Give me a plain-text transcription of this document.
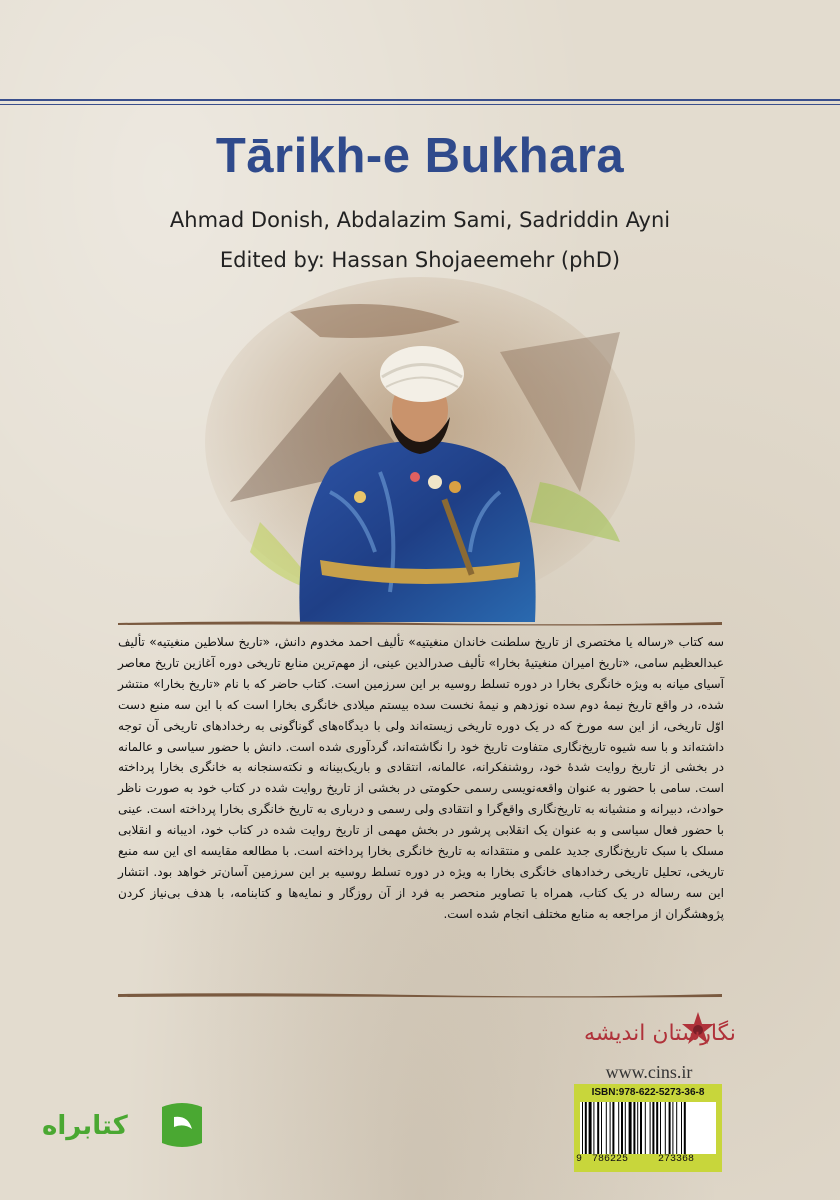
Tārikh-e Bukhara
Ahmad Donish, Abdalazim Sami, Sadriddin Ayni
Edited by: Hassan Shojaeemehr (phD)
سه کتاب «رساله یا مختصری از تاریخ سلطنت خاندان منغیتیه» تألیف احمد مخدوم دانش، «تاریخ سلاطین منغیتیه» تألیف عبدالعظیم سامی، «تاریخ امیران منغیتیهٔ بخارا» تألیف صدرالدین عینی، از مهم‌ترین منابع تاریخی دوره آغازین تاریخ معاصر آسیای میانه به ویژه خانگری بخارا در دوره تسلط روسیه بر این سرزمین است. کتاب حاضر که با نام «تاریخ بخارا» منتشر شده، در واقع تاریخ نیمهٔ دوم سده نوزدهم و نیمهٔ نخست سده بیستم میلادی خانگری بخارا است که با این سه منبع دست اوّل تاریخی، از این سه مورخ که در یک دوره تاریخی زیسته‌اند ولی با دیدگاه‌های گوناگونی به رخدادهای تاریخی آن توجه داشته‌اند و با سه شیوه تاریخ‌نگاری متفاوت تاریخ خود را نگاشته‌اند، گردآوری شده است. دانش با حضور سیاسی و عالمانه در بخشی از تاریخ روایت شدهٔ خود، روشنفکرانه، عالمانه، انتقادی و باریک‌بینانه و نکته‌سنجانه به خانگری بخارا پرداخته است. سامی با حضور به عنوان واقعه‌نویسی رسمی حکومتی در بخشی از تاریخ روایت شده در کتاب خود به صورت ناظر حوادث، دبیرانه و منشیانه به تاریخ‌نگاری واقع‌گرا و انتقادی ولی رسمی و درباری به تاریخ خانگری بخارا پرداخته است. عینی با حضور فعال سیاسی و به عنوان یک انقلابی پرشور در بخش مهمی از تاریخ روایت شده در کتاب خود، ادیبانه و انقلابی مسلک با سبک تاریخ‌نگاری جدید علمی و منتقدانه به تاریخ خانگری بخارا پرداخته است. با مطالعه مقایسه ای این سه منبع تاریخی، تحلیل تاریخی رخدادهای خانگری بخارا به ویژه در دوره تسلط روسیه بر این سرزمین آسان‌تر خواهد بود. انتشار این سه رساله در یک کتاب، همراه با تصاویر منحصر به فرد از آن روزگار و نمایه‌ها و کتابنامه، با هدف بی‌نیاز کردن پژوهشگران از مراجعه به منابع مختلف انجام شده است.
نگارستان اندیشه
www.cins.ir
ISBN:978-622-5273-36-8
9 786225	273368
کتابراه
